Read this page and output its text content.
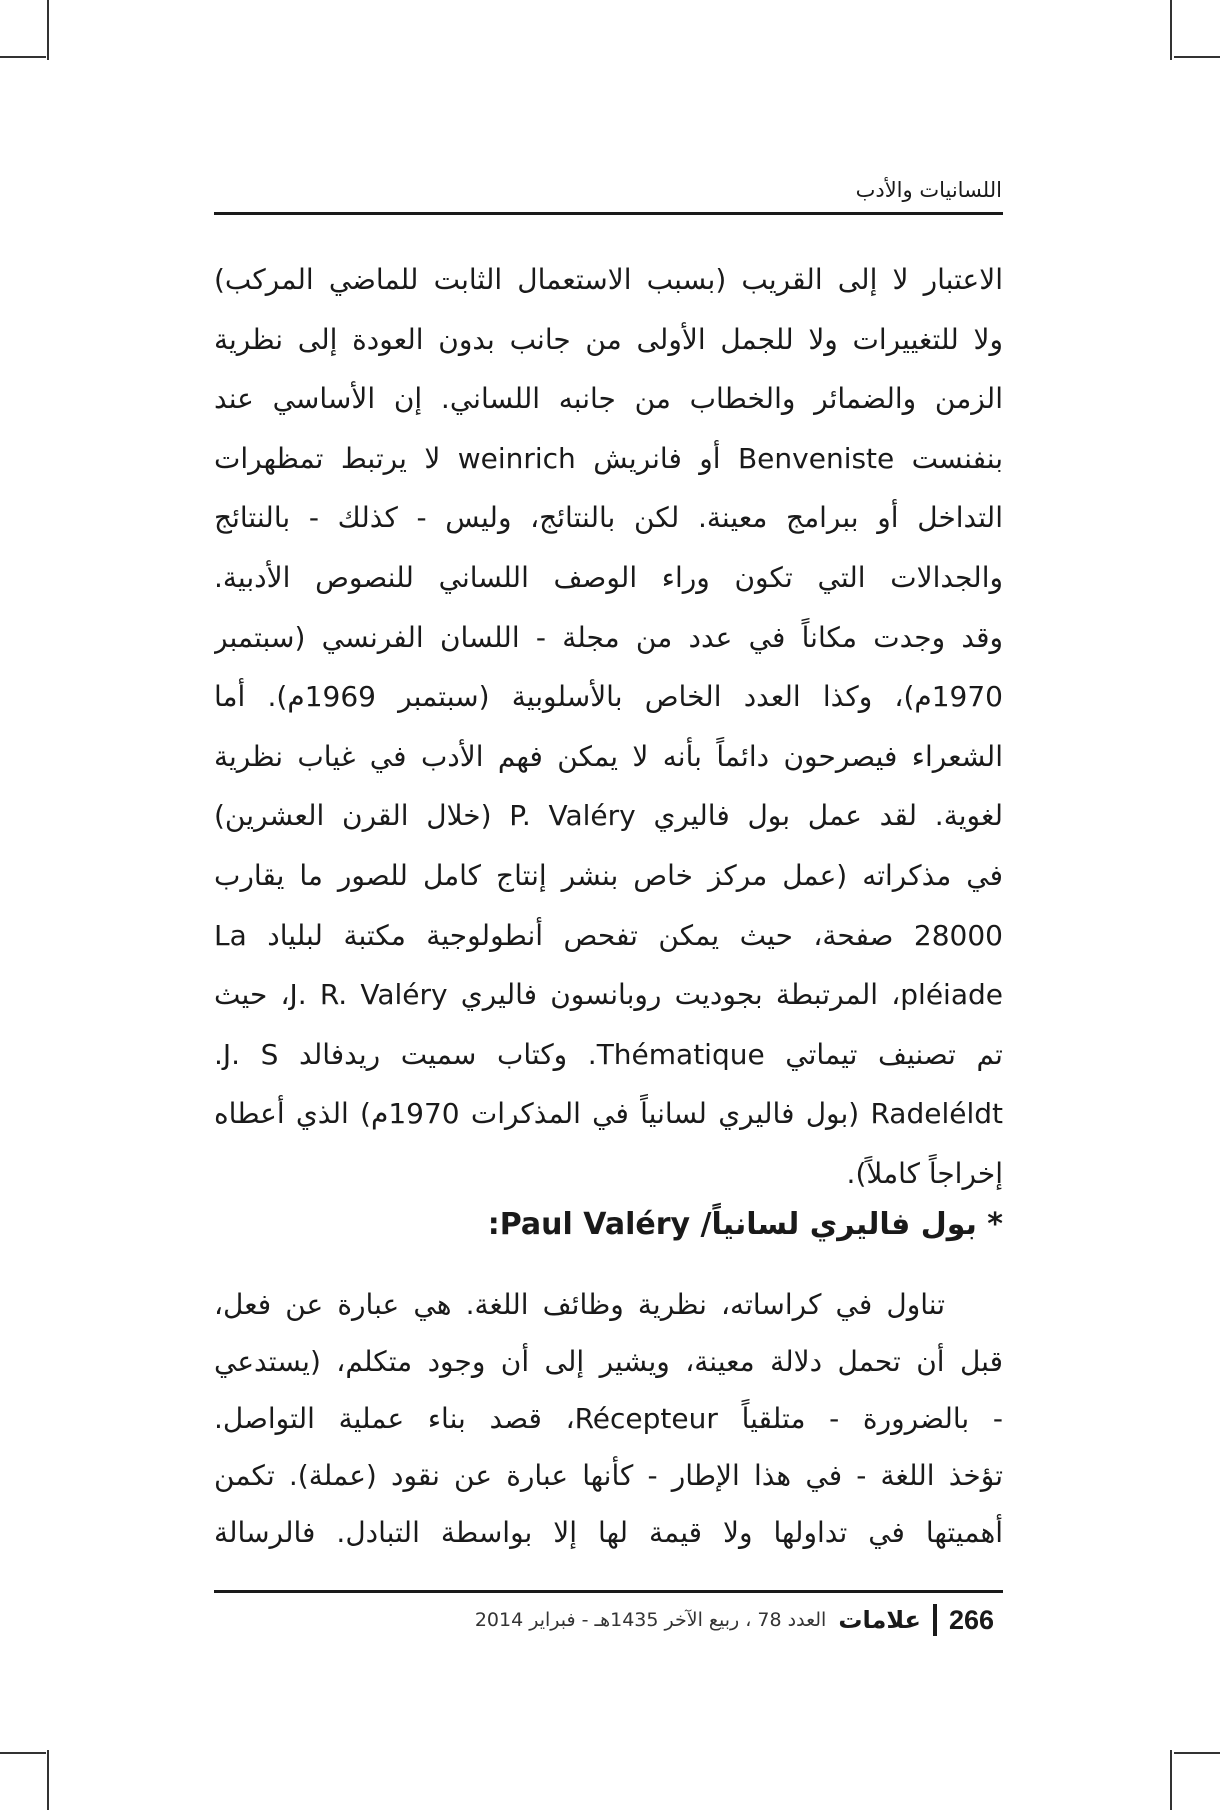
اللسانيات والأدب
الاعتبار لا إلى القريب (بسبب الاستعمال الثابت للماضي المركب)
ولا للتغييرات ولا للجمل الأولى من جانب بدون العودة إلى نظرية
الزمن والضمائر والخطاب من جانبه اللساني. إن الأساسي عند
بنفنست Benveniste أو فانريش weinrich لا يرتبط تمظهرات
التداخل أو ببرامج معينة. لكن بالنتائج، وليس - كذلك - بالنتائج
والجدالات التي تكون وراء الوصف اللساني للنصوص الأدبية.
وقد وجدت مكاناً في عدد من مجلة - اللسان الفرنسي (سبتمبر
1970م)، وكذا العدد الخاص بالأسلوبية (سبتمبر 1969م). أما
الشعراء فيصرحون دائماً بأنه لا يمكن فهم الأدب في غياب نظرية
لغوية. لقد عمل بول فاليري P. Valéry (خلال القرن العشرين)
في مذكراته (عمل مركز خاص بنشر إنتاج كامل للصور ما يقارب
28000 صفحة، حيث يمكن تفحص أنطولوجية مكتبة لبلياد La
pléiade، المرتبطة بجوديت روبانسون فاليري J. R. Valéry، حيث
تم تصنيف تيماتي Thématique. وكتاب سميت ريدفالد J. S.
Radeléldt (بول فاليري لسانياً في المذكرات 1970م) الذي أعطاه
إخراجاً كاملاً).
* بول فاليري لسانياً/ Paul Valéry:
تناول في كراساته، نظرية وظائف اللغة. هي عبارة عن فعل،
قبل أن تحمل دلالة معينة، ويشير إلى أن وجود متكلم، (يستدعي
- بالضرورة - متلقياً Récepteur، قصد بناء عملية التواصل.
تؤخذ اللغة - في هذا الإطار - كأنها عبارة عن نقود (عملة). تكمن
أهميتها في تداولها ولا قيمة لها إلا بواسطة التبادل. فالرسالة
266
علامات
العدد 78 ، ربيع الآخر 1435هـ - فبراير 2014
